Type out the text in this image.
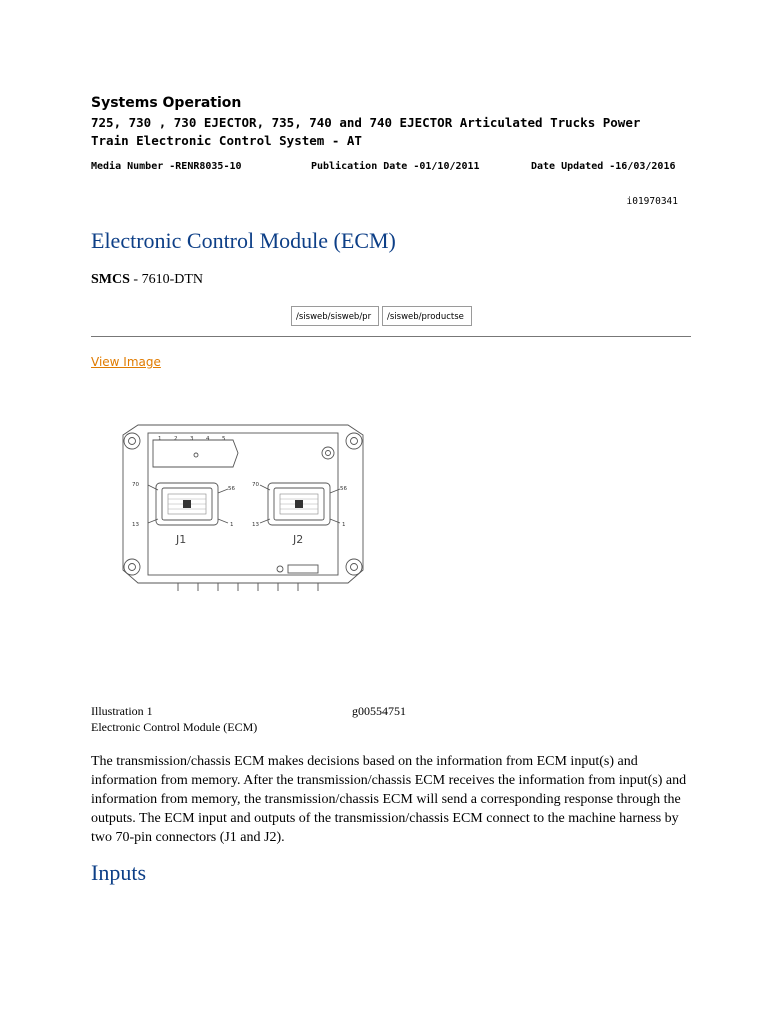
Systems Operation
725, 730 , 730 EJECTOR, 735, 740 and 740 EJECTOR Articulated Trucks Power Train Electronic Control System - AT
Media Number -RENR8035-10	Publication Date -01/10/2011	Date Updated -16/03/2016
i01970341
Electronic Control Module (ECM)
SMCS - 7610-DTN
/sisweb/sisweb/pr	/sisweb/productse
View Image
1 2 3 4 5
70
56
13	1
70
56
13	1
J1	J2
Illustration 1	g00554751
Electronic Control Module (ECM)

The transmission/chassis ECM makes decisions based on the information from ECM input(s) and information from memory. After the transmission/chassis ECM receives the information from input(s) and information from memory, the transmission/chassis ECM will send a corresponding response through the outputs. The ECM input and outputs of the transmission/chassis ECM connect to the machine harness by two 70-pin connectors (J1 and J2).

Inputs
